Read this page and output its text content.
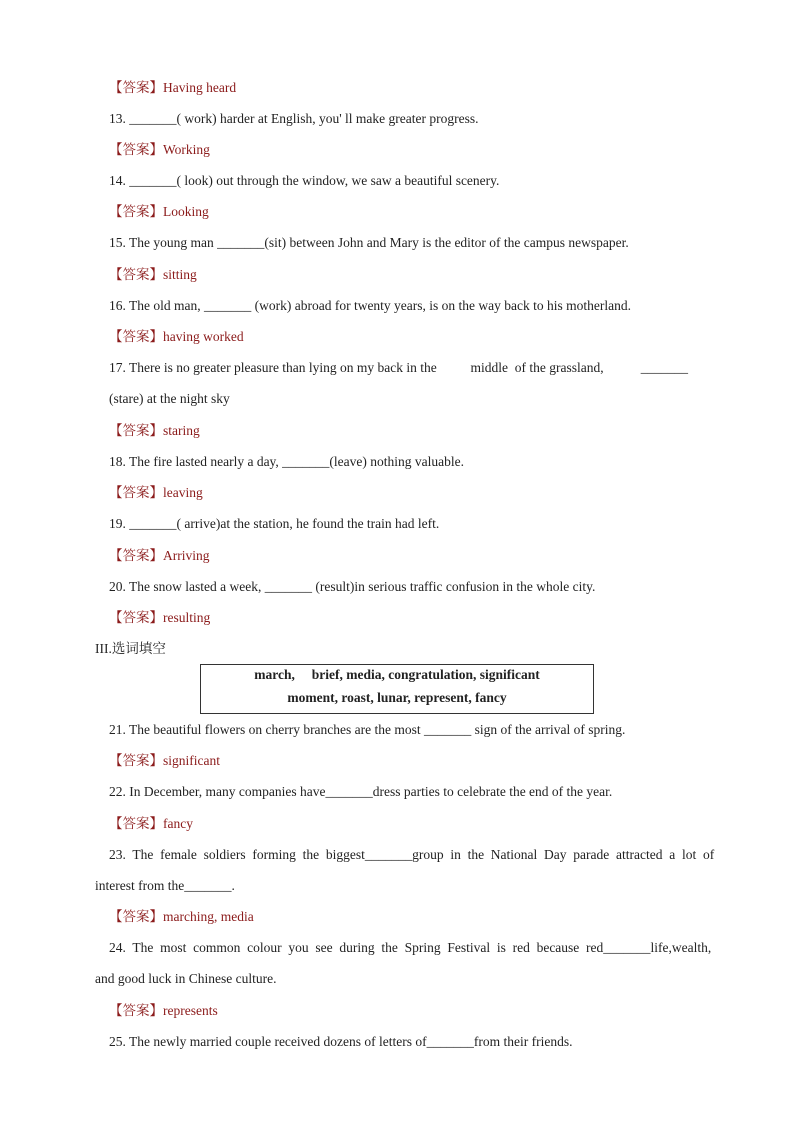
【答案】Having heard
13. _______( work) harder at English, you' ll make greater progress.
【答案】Working
14. _______( look) out through the window, we saw a beautiful scenery.
【答案】Looking
15. The young man _______(sit) between John and Mary is the editor of the campus newspaper.
【答案】sitting
16. The old man, _______ (work) abroad for twenty years, is on the way back to his motherland.
【答案】having worked
17. There is no greater pleasure than lying on my back in the          middle  of the grassland,           _______
(stare) at the night sky
【答案】staring
18. The fire lasted nearly a day, _______(leave) nothing valuable.
【答案】leaving
19. _______( arrive)at the station, he found the train had left.
【答案】Arriving
20. The snow lasted a week, _______ (result)in serious traffic confusion in the whole city.
【答案】resulting
III.选词填空
march,     brief, media, congratulation, significant
moment, roast, lunar, represent, fancy
21. The beautiful flowers on cherry branches are the most _______ sign of the arrival of spring.
【答案】significant
22. In December, many companies have_______dress parties to celebrate the end of the year.
【答案】fancy
23.  The  female  soldiers  forming  the  biggest_______group  in  the  National  Day  parade  attracted  a  lot  of
interest from the_______.
【答案】marching, media
24.  The  most  common  colour  you  see  during  the  Spring  Festival  is  red  because  red_______life,wealth,
and good luck in Chinese culture.
【答案】represents
25. The newly married couple received dozens of letters of_______from their friends.
